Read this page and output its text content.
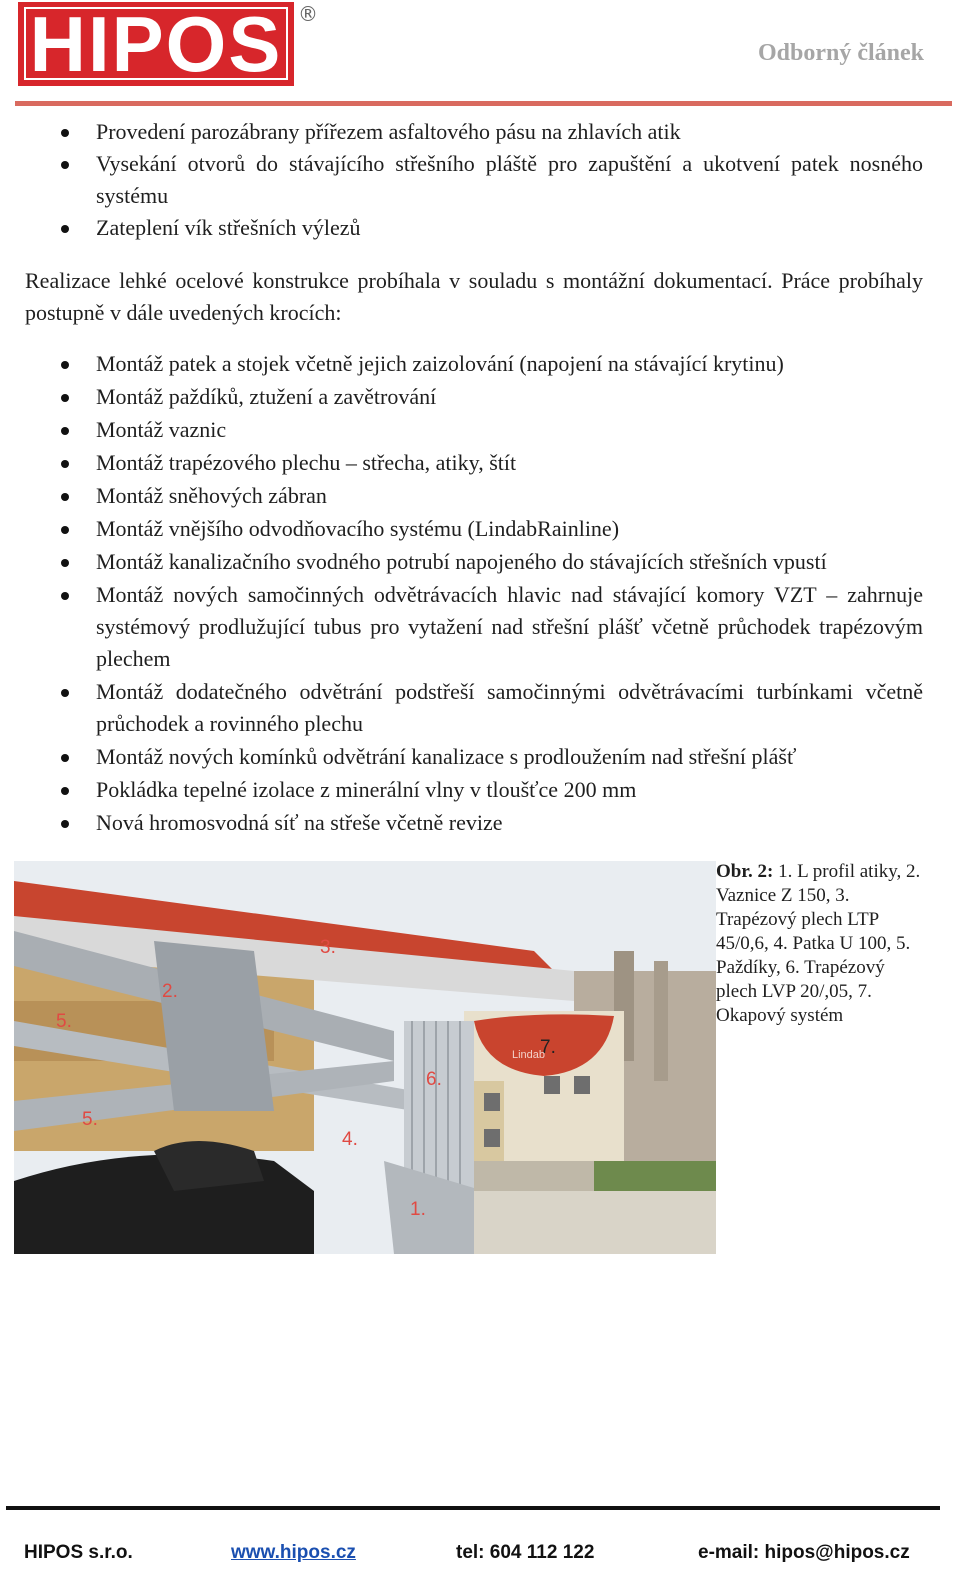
HIPOS ®
Odborný článek
Provedení parozábrany přířezem asfaltového pásu na zhlavích atik
Vysekání otvorů do stávajícího střešního pláště pro zapuštění a ukotvení patek nosného systému
Zateplení vík střešních výlezů

Realizace lehké ocelové konstrukce probíhala v souladu s montážní dokumentací. Práce probíhaly postupně v dále uvedených krocích:

Montáž patek a stojek včetně jejich zaizolování (napojení na stávající krytinu)
Montáž paždíků, ztužení a zavětrování
Montáž vaznic
Montáž trapézového plechu – střecha, atiky, štít
Montáž sněhových zábran
Montáž vnějšího odvodňovacího systému (LindabRainline)
Montáž kanalizačního svodného potrubí napojeného do stávajících střešních vpustí
Montáž nových samočinných odvětrávacích hlavic nad stávající komory VZT – zahrnuje systémový prodlužující tubus pro vytažení nad střešní plášť včetně průchodek trapézovým plechem
Montáž dodatečného odvětrání podstřeší samočinnými odvětrávacími turbínkami včetně průchodek a rovinného plechu
Montáž nových komínků odvětrání kanalizace s prodloužením nad střešní plášť
Pokládka tepelné izolace z minerální vlny v tloušťce 200 mm
Nová hromosvodná síť na střeše včetně revize
3.
2.
5.
7.
6.
5.
4.
1.
Lindab
Obr. 2: 1. L profil atiky, 2. Vaznice Z 150, 3. Trapézový plech LTP 45/0,6, 4. Patka U 100, 5. Paždíky, 6. Trapézový plech LVP 20/,05, 7. Okapový systém
HIPOS s.r.o.	www.hipos.cz	tel: 604 112 122	e-mail: hipos@hipos.cz
